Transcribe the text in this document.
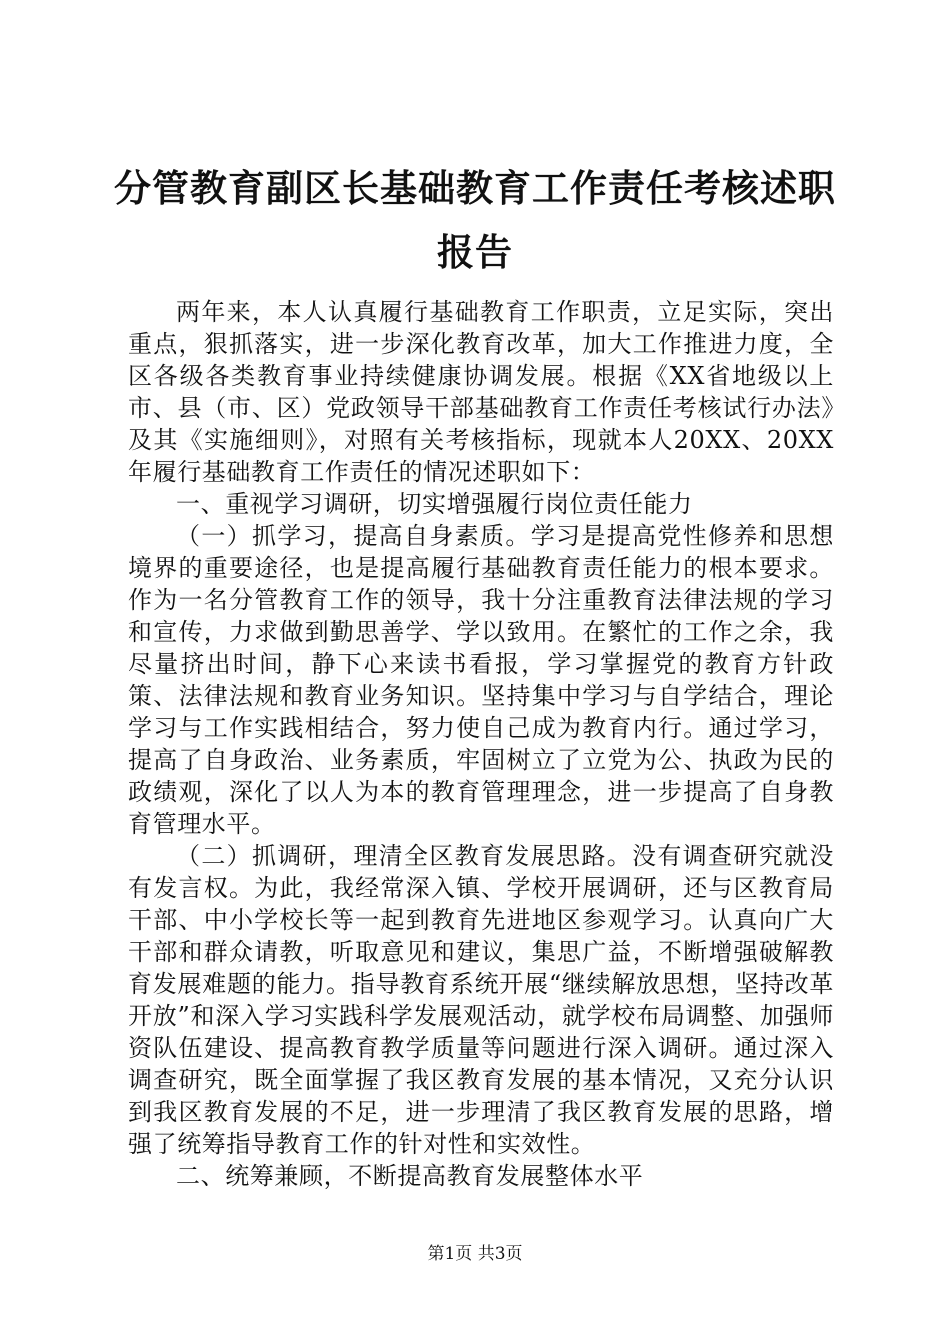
分管教育副区长基础教育工作责任考核述职报告

两年来，本人认真履行基础教育工作职责，立足实际，突出重点，狠抓落实，进一步深化教育改革，加大工作推进力度，全区各级各类教育事业持续健康协调发展。根据《XX省地级以上市、县（市、区）党政领导干部基础教育工作责任考核试行办法》及其《实施细则》，对照有关考核指标，现就本人20XX、20XX年履行基础教育工作责任的情况述职如下：

一、重视学习调研，切实增强履行岗位责任能力

（一）抓学习，提高自身素质。学习是提高党性修养和思想境界的重要途径，也是提高履行基础教育责任能力的根本要求。作为一名分管教育工作的领导，我十分注重教育法律法规的学习和宣传，力求做到勤思善学、学以致用。在繁忙的工作之余，我尽量挤出时间，静下心来读书看报，学习掌握党的教育方针政策、法律法规和教育业务知识。坚持集中学习与自学结合，理论学习与工作实践相结合，努力使自己成为教育内行。通过学习，提高了自身政治、业务素质，牢固树立了立党为公、执政为民的政绩观，深化了以人为本的教育管理理念，进一步提高了自身教育管理水平。

（二）抓调研，理清全区教育发展思路。没有调查研究就没有发言权。为此，我经常深入镇、学校开展调研，还与区教育局干部、中小学校长等一起到教育先进地区参观学习。认真向广大干部和群众请教，听取意见和建议，集思广益，不断增强破解教育发展难题的能力。指导教育系统开展“继续解放思想，坚持改革开放”和深入学习实践科学发展观活动，就学校布局调整、加强师资队伍建设、提高教育教学质量等问题进行深入调研。通过深入调查研究，既全面掌握了我区教育发展的基本情况，又充分认识到我区教育发展的不足，进一步理清了我区教育发展的思路，增强了统筹指导教育工作的针对性和实效性。

二、统筹兼顾，不断提高教育发展整体水平

第1页 共3页
